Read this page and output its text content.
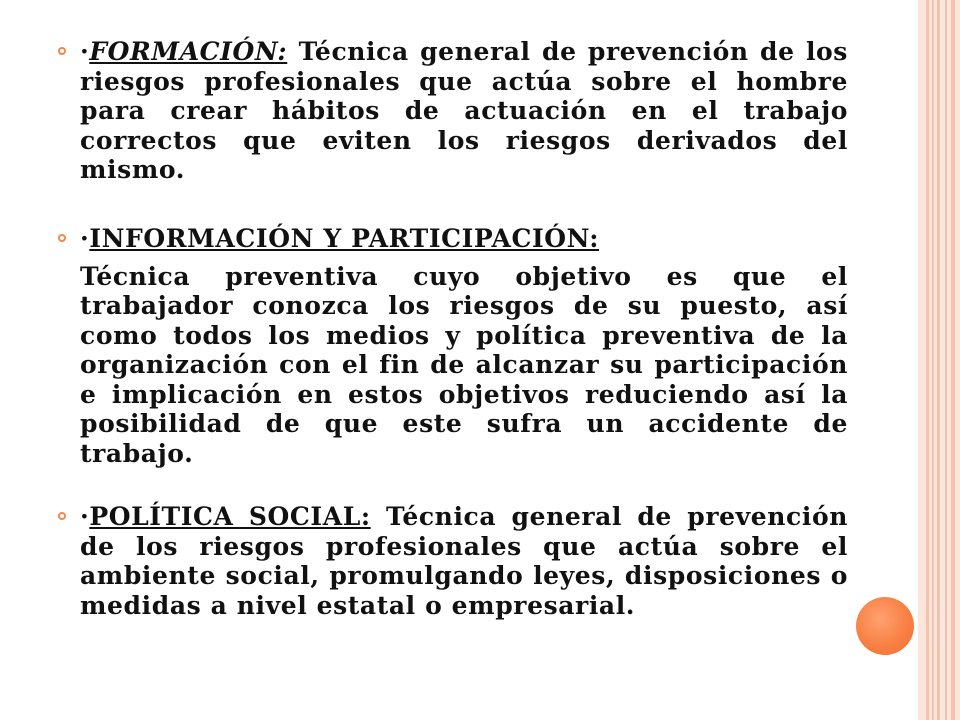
·FORMACIÓN: Técnica general de prevención de los riesgos profesionales que actúa sobre el hombre para crear hábitos de actuación en el trabajo correctos que eviten los riesgos derivados del mismo.

·INFORMACIÓN Y PARTICIPACIÓN:

Técnica preventiva cuyo objetivo es que el trabajador conozca los riesgos de su puesto, así como todos los medios y política preventiva de la organización con el fin de alcanzar su participación e implicación en estos objetivos reduciendo así la posibilidad de que este sufra un accidente de trabajo.

·POLÍTICA SOCIAL: Técnica general de prevención de los riesgos profesionales que actúa sobre el ambiente social, promulgando leyes, disposiciones o medidas a nivel estatal o empresarial.
